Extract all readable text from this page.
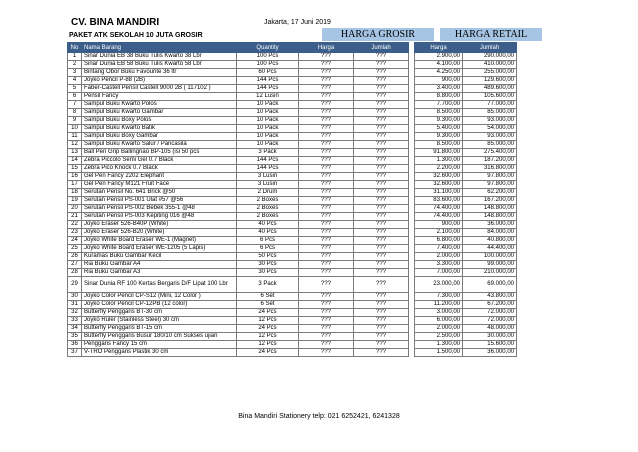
CV. BINA MANDIRI	Jakarta, 17 Juni 2019
PAKET ATK SEKOLAH 10 JUTA GROSIR	HARGA GROSIR	HARGA RETAIL
No	Nama Barang	Quantity	Harga	Jumlah		Harga	Jumlah
1	Sinar Dunia EB 38 Buku Tulis Kwarto 38 Lbr	100 Pcs	???	???		2.900,00	290.000,00
2	Sinar Dunia EB 58 Buku Tulis Kwarto 58 Lbr	100 Pcs	???	???		4.100,00	410.000,00
3	Bintang Obor Buku Favourite 36 ltr	60 Pcs	???	???		4.250,00	255.000,00
4	Joyko Pencil P-88 (2B)	144 Pcs	???	???		900,00	129.600,00
5	Faber-Castell Pensil Castell 9000 2B ( 117102 )	144 Pcs	???	???		3.400,00	489.600,00
6	Pensil Fancy	12 Lusin	???	???		8.800,00	105.600,00
7	Sampul Buku Kwarto Polos	10 Pack	???	???		7.700,00	77.000,00
8	Sampul Buku Kwarto Gambar	10 Pack	???	???		8.500,00	85.000,00
9	Sampul Buku Boxy Polos	10 Pack	???	???		9.300,00	93.000,00
10	Sampul Buku Kwarto Batik	10 Pack	???	???		5.400,00	54.000,00
11	Sampul Buku Boxy Gambar	10 Pack	???	???		9.300,00	93.000,00
12	Sampul Buku Kwarto Salur / Pancasila	10 Pack	???	???		8.500,00	85.000,00
13	Ball Pen Grip Ballingriao BP-105 (isi 50 pcs	3 Pack	???	???		91.800,00	275.400,00
14	Zebra Piccolo Semi Gel 0.7 Black	144 Pcs	???	???		1.300,00	187.200,00
15	Zebra Pico Knock 0.7 Black	144 Pcs	???	???		2.200,00	316.800,00
16	Gel Pen Fancy 2202 Elephant	3 Lusin	???	???		32.600,00	97.800,00
17	Gel Pen Fancy M121 Fruit Face	3 Lusin	???	???		32.600,00	97.800,00
18	Serutan Pensil No. 641 Brick @50	2 Drum	???	???		31.100,00	62.200,00
19	Serutan Pensil PS-001 Ulat #57 @56	2 Boxes	???	???		83.600,00	167.200,00
20	Serutan Pensil PS-002 Bebek 355-1 @48	2 Boxes	???	???		74.400,00	148.800,00
21	Serutan Pensil PS-003 Kepiting 016 @48	2 Boxes	???	???		74.400,00	148.800,00
22	Joyko Eraser 526-B40P (White)	40 Pcs	???	???		900,00	36.000,00
23	Joyko Eraser 526-B20 (White)	40 Pcs	???	???		2.100,00	84.000,00
24	Joyko White Board Eraser WE-1 (Magnet)	6 Pcs	???	???		6.800,00	40.800,00
25	Joyko White Board Eraser WE-1205 (5 Lapis)	6 Pcs	???	???		7.400,00	44.400,00
26	Kuramas Buku Gambar Kecil	50 Pcs	???	???		2.000,00	100.000,00
27	Ria Buku Gambar A4	30 Pcs	???	???		3.300,00	99.000,00
28	Ria Buku Gambar A3	30 Pcs	???	???		7.000,00	210.000,00
29	Sinar Dunia RF 100 Kertas Bergaris D/F Lipat 100 Lbr	3 Pack	???	???		23.000,00	69.000,00
30	Joyko Color Pencil CP-S12 (Mini, 12 Color )	6 Set	???	???		7.300,00	43.800,00
31	Joyko Color Pencil CP-12PB (12 color)	6 Set	???	???		11.200,00	67.200,00
32	Butterfly Penggaris BT-30 cm	24 Pcs	???	???		3.000,00	72.000,00
33	Joyko Ruler (Stainless Steel) 30 cm	12 Pcs	???	???		6.000,00	72.000,00
34	Butterfly Penggaris BT-15 cm	24 Pcs	???	???		2.000,00	48.000,00
35	Butterfly Penggaris Busur 180/10 cm Sukses ujian	12 Pcs	???	???		2.500,00	30.000,00
36	Penggaris Fancy 15 cm	12 Pcs	???	???		1.300,00	15.600,00
37	V-TRO Penggaris Plastik 30 cm	24 Pcs	???	???		1.500,00	36.000,00
Bina Mandiri Stationery telp: 021 6252421, 6241328
